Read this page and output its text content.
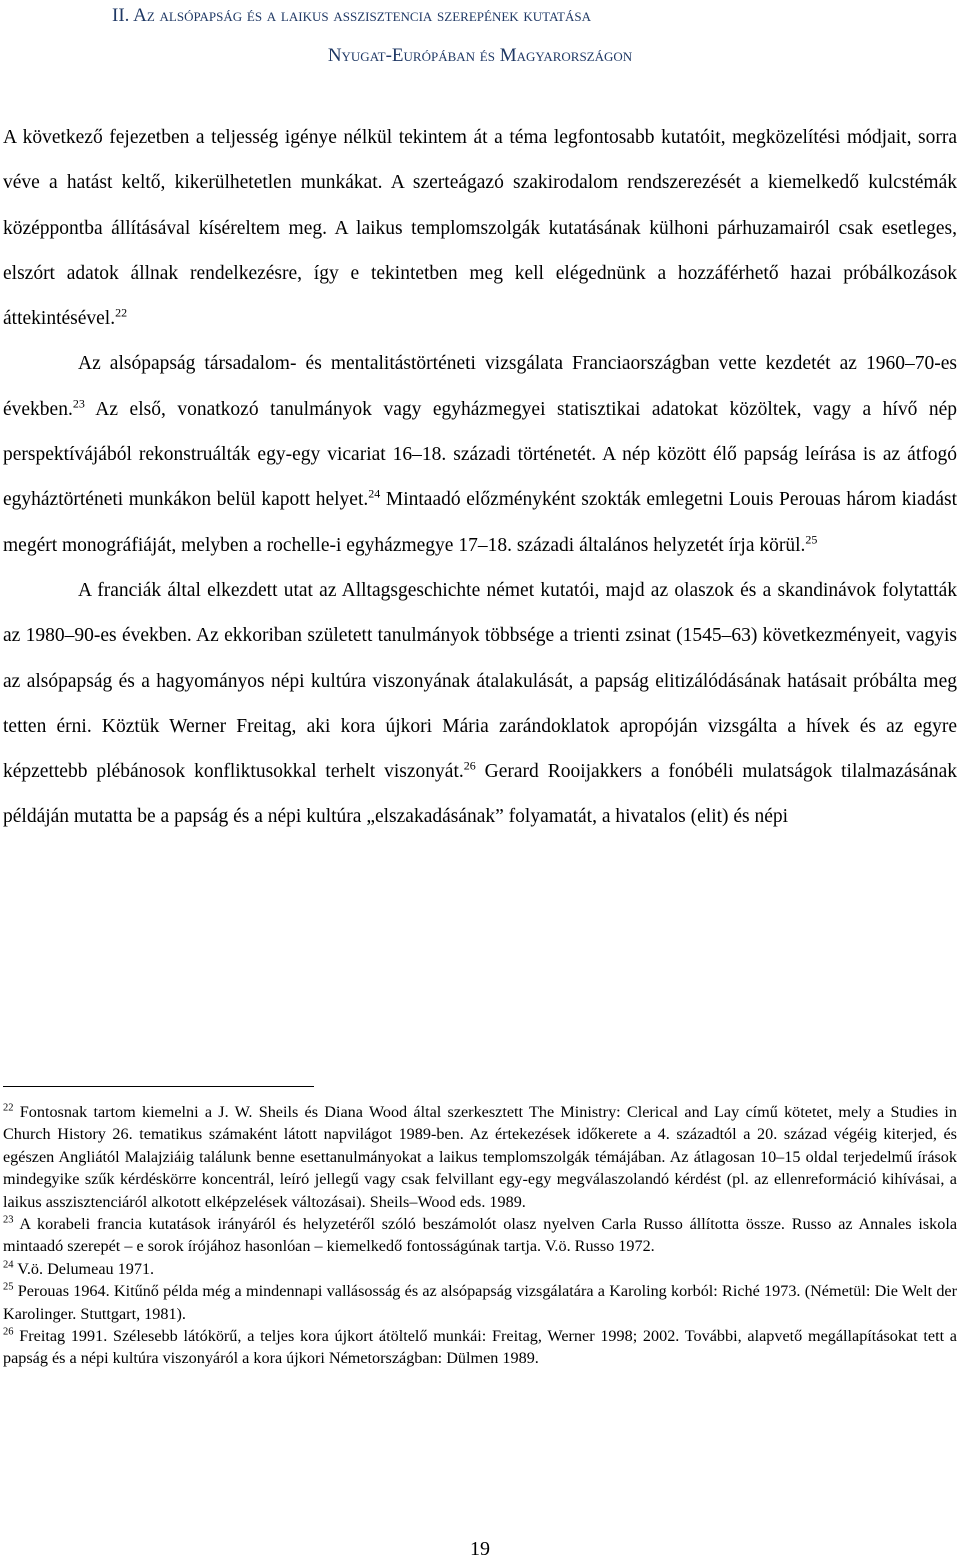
II. Az alsópapság és a laikus asszisztencia szerepének kutatása
Nyugat-Európában és Magyarországon

A következő fejezetben a teljesség igénye nélkül tekintem át a téma legfontosabb kutatóit, megközelítési módjait, sorra véve a hatást keltő, kikerülhetetlen munkákat. A szerteágazó szakirodalom rendszerezését a kiemelkedő kulcstémák középpontba állításával kíséreltem meg. A laikus templomszolgák kutatásának külhoni párhuzamairól csak esetleges, elszórt adatok állnak rendelkezésre, így e tekintetben meg kell elégednünk a hozzáférhető hazai próbálkozások áttekintésével.$^{22}$

Az alsópapság társadalom- és mentalitástörténeti vizsgálata Franciaországban vette kezdetét az 1960–70-es években.$^{23}$ Az első, vonatkozó tanulmányok vagy egyházmegyei statisztikai adatokat közöltek, vagy a hívő nép perspektívájából rekonstruálták egy-egy vicariat 16–18. századi történetét. A nép között élő papság leírása is az átfogó egyháztörténeti munkákon belül kapott helyet.$^{24}$ Mintaadó előzményként szokták emlegetni Louis Perouas három kiadást megért monográfiáját, melyben a rochelle-i egyházmegye 17–18. századi általános helyzetét írja körül.$^{25}$

A franciák által elkezdett utat az Alltagsgeschichte német kutatói, majd az olaszok és a skandinávok folytatták az 1980–90-es években. Az ekkoriban született tanulmányok többsége a trienti zsinat (1545–63) következményeit, vagyis az alsópapság és a hagyományos népi kultúra viszonyának átalakulását, a papság elitizálódásának hatásait próbálta meg tetten érni. Köztük Werner Freitag, aki kora újkori Mária zarándoklatok apropóján vizsgálta a hívek és az egyre képzettebb plébánosok konfliktusokkal terhelt viszonyát.$^{26}$ Gerard Rooijakkers a fonóbéli mulatságok tilalmazásának példáján mutatta be a papság és a népi kultúra „elszakadásának” folyamatát, a hivatalos (elit) és népi

$^{22}$ Fontosnak tartom kiemelni a J. W. Sheils és Diana Wood által szerkesztett The Ministry: Clerical and Lay című kötetet, mely a Studies in Church History 26. tematikus számaként látott napvilágot 1989-ben. Az értekezések időkerete a 4. századtól a 20. század végéig kiterjed, és egészen Angliától Malajziáig találunk benne esettanulmányokat a laikus templomszolgák témájában. Az átlagosan 10–15 oldal terjedelmű írások mindegyike szűk kérdéskörre koncentrál, leíró jellegű vagy csak felvillant egy-egy megválaszolandó kérdést (pl. az ellenreformáció kihívásai, a laikus asszisztenciáról alkotott elképzelések változásai). Sheils–Wood eds. 1989.

$^{23}$ A korabeli francia kutatások irányáról és helyzetéről szóló beszámolót olasz nyelven Carla Russo állította össze. Russo az Annales iskola mintaadó szerepét – e sorok írójához hasonlóan – kiemelkedő fontosságúnak tartja. V.ö. Russo 1972.

$^{24}$ V.ö. Delumeau 1971.

$^{25}$ Perouas 1964. Kitűnő példa még a mindennapi vallásosság és az alsópapság vizsgálatára a Karoling korból: Riché 1973. (Németül: Die Welt der Karolinger. Stuttgart, 1981).

$^{26}$ Freitag 1991. Szélesebb látókörű, a teljes kora újkort átöltelő munkái: Freitag, Werner 1998; 2002. További, alapvető megállapításokat tett a papság és a népi kultúra viszonyáról a kora újkori Németországban: Dülmen 1989.

19
